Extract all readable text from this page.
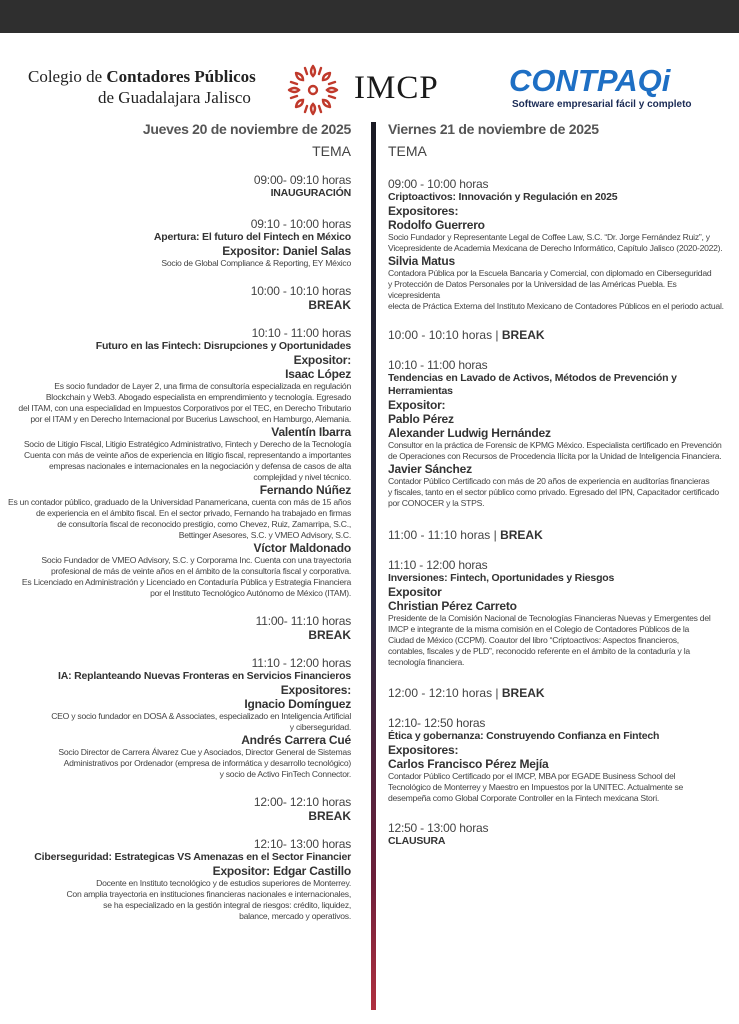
Colegio de Contadores Públicos
de Guadalajara Jalisco	IMCP CONTPAQi
Software empresarial fácil y completo
Jueves 20 de noviembre de 2025
TEMA
09:00- 09:10 horas
INAUGURACIÓN
09:10 - 10:00 horas
Apertura: El futuro del Fintech en México
Expositor: Daniel Salas
Socio de Global Compliance & Reporting, EY México
10:00 - 10:10 horas
BREAK
10:10 - 11:00 horas
Futuro en las Fintech: Disrupciones y Oportunidades
Expositor:
Isaac López
Es socio fundador de Layer 2, una firma de consultoría especializada en regulación
Blockchain y Web3. Abogado especialista en emprendimiento y tecnología. Egresado
del ITAM, con una especialidad en Impuestos Corporativos por el TEC, en Derecho Tributario
por el ITAM y en Derecho Internacional por Bucerius Lawschool, en Hamburgo, Alemania.
Valentín Ibarra
Socio de Litigio Fiscal, Litigio Estratégico Administrativo, Fintech y Derecho de la Tecnología
Cuenta con más de veinte años de experiencia en litigio fiscal, representando a importantes
empresas nacionales e internacionales en la negociación y defensa de casos de alta
complejidad y nivel técnico.
Fernando Núñez
Es un contador público, graduado de la Universidad Panamericana, cuenta con más de 15 años
de experiencia en el ámbito fiscal. En el sector privado, Fernando ha trabajado en firmas
de consultoría fiscal de reconocido prestigio, como Chevez, Ruiz, Zamarripa, S.C.,
Bettinger Asesores, S.C. y VMEO Advisory, S.C.
Víctor Maldonado
Socio Fundador de VMEO Advisory, S.C. y Corporama Inc. Cuenta con una trayectoria
profesional de más de veinte años en el ámbito de la consultoría fiscal y corporativa.
Es Licenciado en Administración y Licenciado en Contaduría Pública y Estrategia Financiera
por el Instituto Tecnológico Autónomo de México (ITAM).
11:00- 11:10 horas
BREAK
11:10 - 12:00 horas
IA: Replanteando Nuevas Fronteras en Servicios Financieros
Expositores:
Ignacio Domínguez
CEO y socio fundador en DOSA & Associates, especializado en Inteligencia Artificial
y ciberseguridad.
Andrés Carrera Cué
Socio Director de Carrera Álvarez Cue y Asociados, Director General de Sistemas
Administrativos por Ordenador (empresa de informática y desarrollo tecnológico)
y socio de Activo FinTech Connector.
12:00- 12:10 horas
BREAK
12:10- 13:00 horas
Ciberseguridad: Estrategicas VS Amenazas en el Sector Financier
Expositor: Edgar Castillo
Docente en Instituto tecnológico y de estudios superiores de Monterrey.
Con amplia trayectoria en instituciones financieras nacionales e internacionales,
se ha especializado en la gestión integral de riesgos: crédito, liquidez,
balance, mercado y operativos.
Viernes 21 de noviembre de 2025
TEMA
09:00 - 10:00 horas
Criptoactivos: Innovación y Regulación en 2025
Expositores:
Rodolfo Guerrero
Socio Fundador y Representante Legal de Coffee Law, S.C. “Dr. Jorge Fernández Ruiz”, y
Vicepresidente de Academia Mexicana de Derecho Informático, Capítulo Jalisco (2020-2022).
Silvia Matus
Contadora Pública por la Escuela Bancaria y Comercial, con diplomado en Ciberseguridad
y Protección de Datos Personales por la Universidad de las Américas Puebla. Es vicepresidenta
electa de Práctica Externa del Instituto Mexicano de Contadores Públicos en el periodo actual.
10:00 - 10:10 horas | BREAK
10:10 - 11:00 horas
Tendencias en Lavado de Activos, Métodos de Prevención y
Herramientas
Expositor:
Pablo Pérez
Alexander Ludwig Hernández
Consultor en la práctica de Forensic de KPMG México. Especialista certificado en Prevención
de Operaciones con Recursos de Procedencia Ilícita por la Unidad de Inteligencia Financiera.
Javier Sánchez
Contador Público Certificado con más de 20 años de experiencia en auditorías financieras
y fiscales, tanto en el sector público como privado. Egresado del IPN, Capacitador certificado
por CONOCER y la STPS.
11:00 - 11:10 horas | BREAK
11:10 - 12:00 horas
Inversiones: Fintech, Oportunidades y Riesgos
Expositor
Christian Pérez Carreto
Presidente de la Comisión Nacional de Tecnologías Financieras Nuevas y Emergentes del
IMCP e integrante de la misma comisión en el Colegio de Contadores Públicos de la
Ciudad de México (CCPM). Coautor del libro “Criptoactivos: Aspectos financieros,
contables, fiscales y de PLD”, reconocido referente en el ámbito de la contaduría y la
tecnología financiera.
12:00 - 12:10 horas | BREAK
12:10- 12:50 horas
Ética y gobernanza: Construyendo Confianza en Fintech
Expositores:
Carlos Francisco Pérez Mejía
Contador Público Certificado por el IMCP, MBA por EGADE Business School del
Tecnológico de Monterrey y Maestro en Impuestos por la UNITEC. Actualmente se
desempeña como Global Corporate Controller en la Fintech mexicana Stori.
12:50 - 13:00 horas
CLAUSURA
